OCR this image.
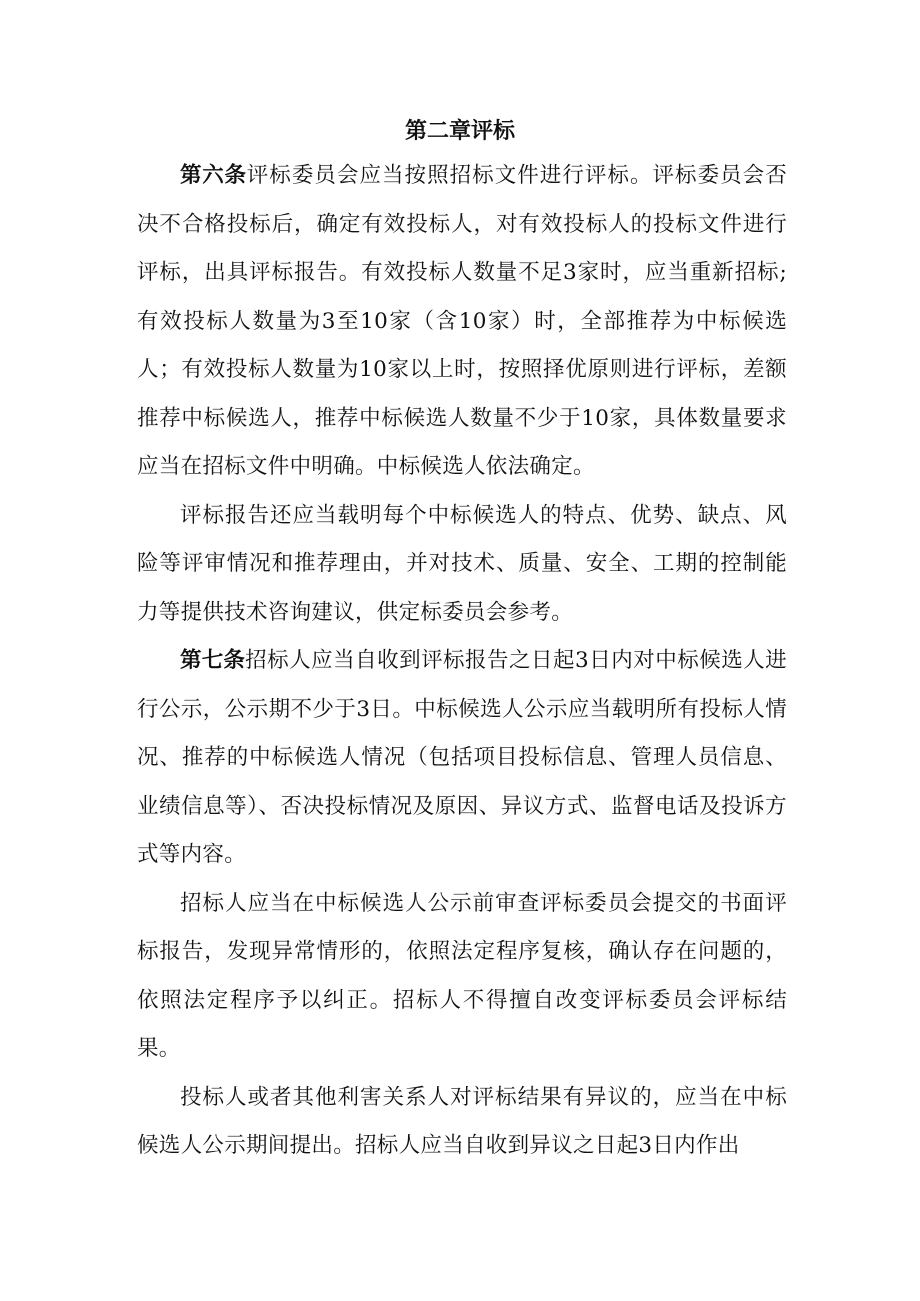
第二章评标

第六条评标委员会应当按照招标文件进行评标。评标委员会否决不合格投标后，确定有效投标人，对有效投标人的投标文件进行评标，出具评标报告。有效投标人数量不足3家时，应当重新招标;有效投标人数量为3至10家（含10家）时，全部推荐为中标候选人；有效投标人数量为10家以上时，按照择优原则进行评标，差额推荐中标候选人，推荐中标候选人数量不少于10家，具体数量要求应当在招标文件中明确。中标候选人依法确定。

评标报告还应当载明每个中标候选人的特点、优势、缺点、风险等评审情况和推荐理由，并对技术、质量、安全、工期的控制能力等提供技术咨询建议，供定标委员会参考。

第七条招标人应当自收到评标报告之日起3日内对中标候选人进行公示，公示期不少于3日。中标候选人公示应当载明所有投标人情况、推荐的中标候选人情况（包括项目投标信息、管理人员信息、业绩信息等）、否决投标情况及原因、异议方式、监督电话及投诉方式等内容。

招标人应当在中标候选人公示前审查评标委员会提交的书面评标报告，发现异常情形的，依照法定程序复核，确认存在问题的，依照法定程序予以纠正。招标人不得擅自改变评标委员会评标结果。

投标人或者其他利害关系人对评标结果有异议的，应当在中标候选人公示期间提出。招标人应当自收到异议之日起3日内作出
